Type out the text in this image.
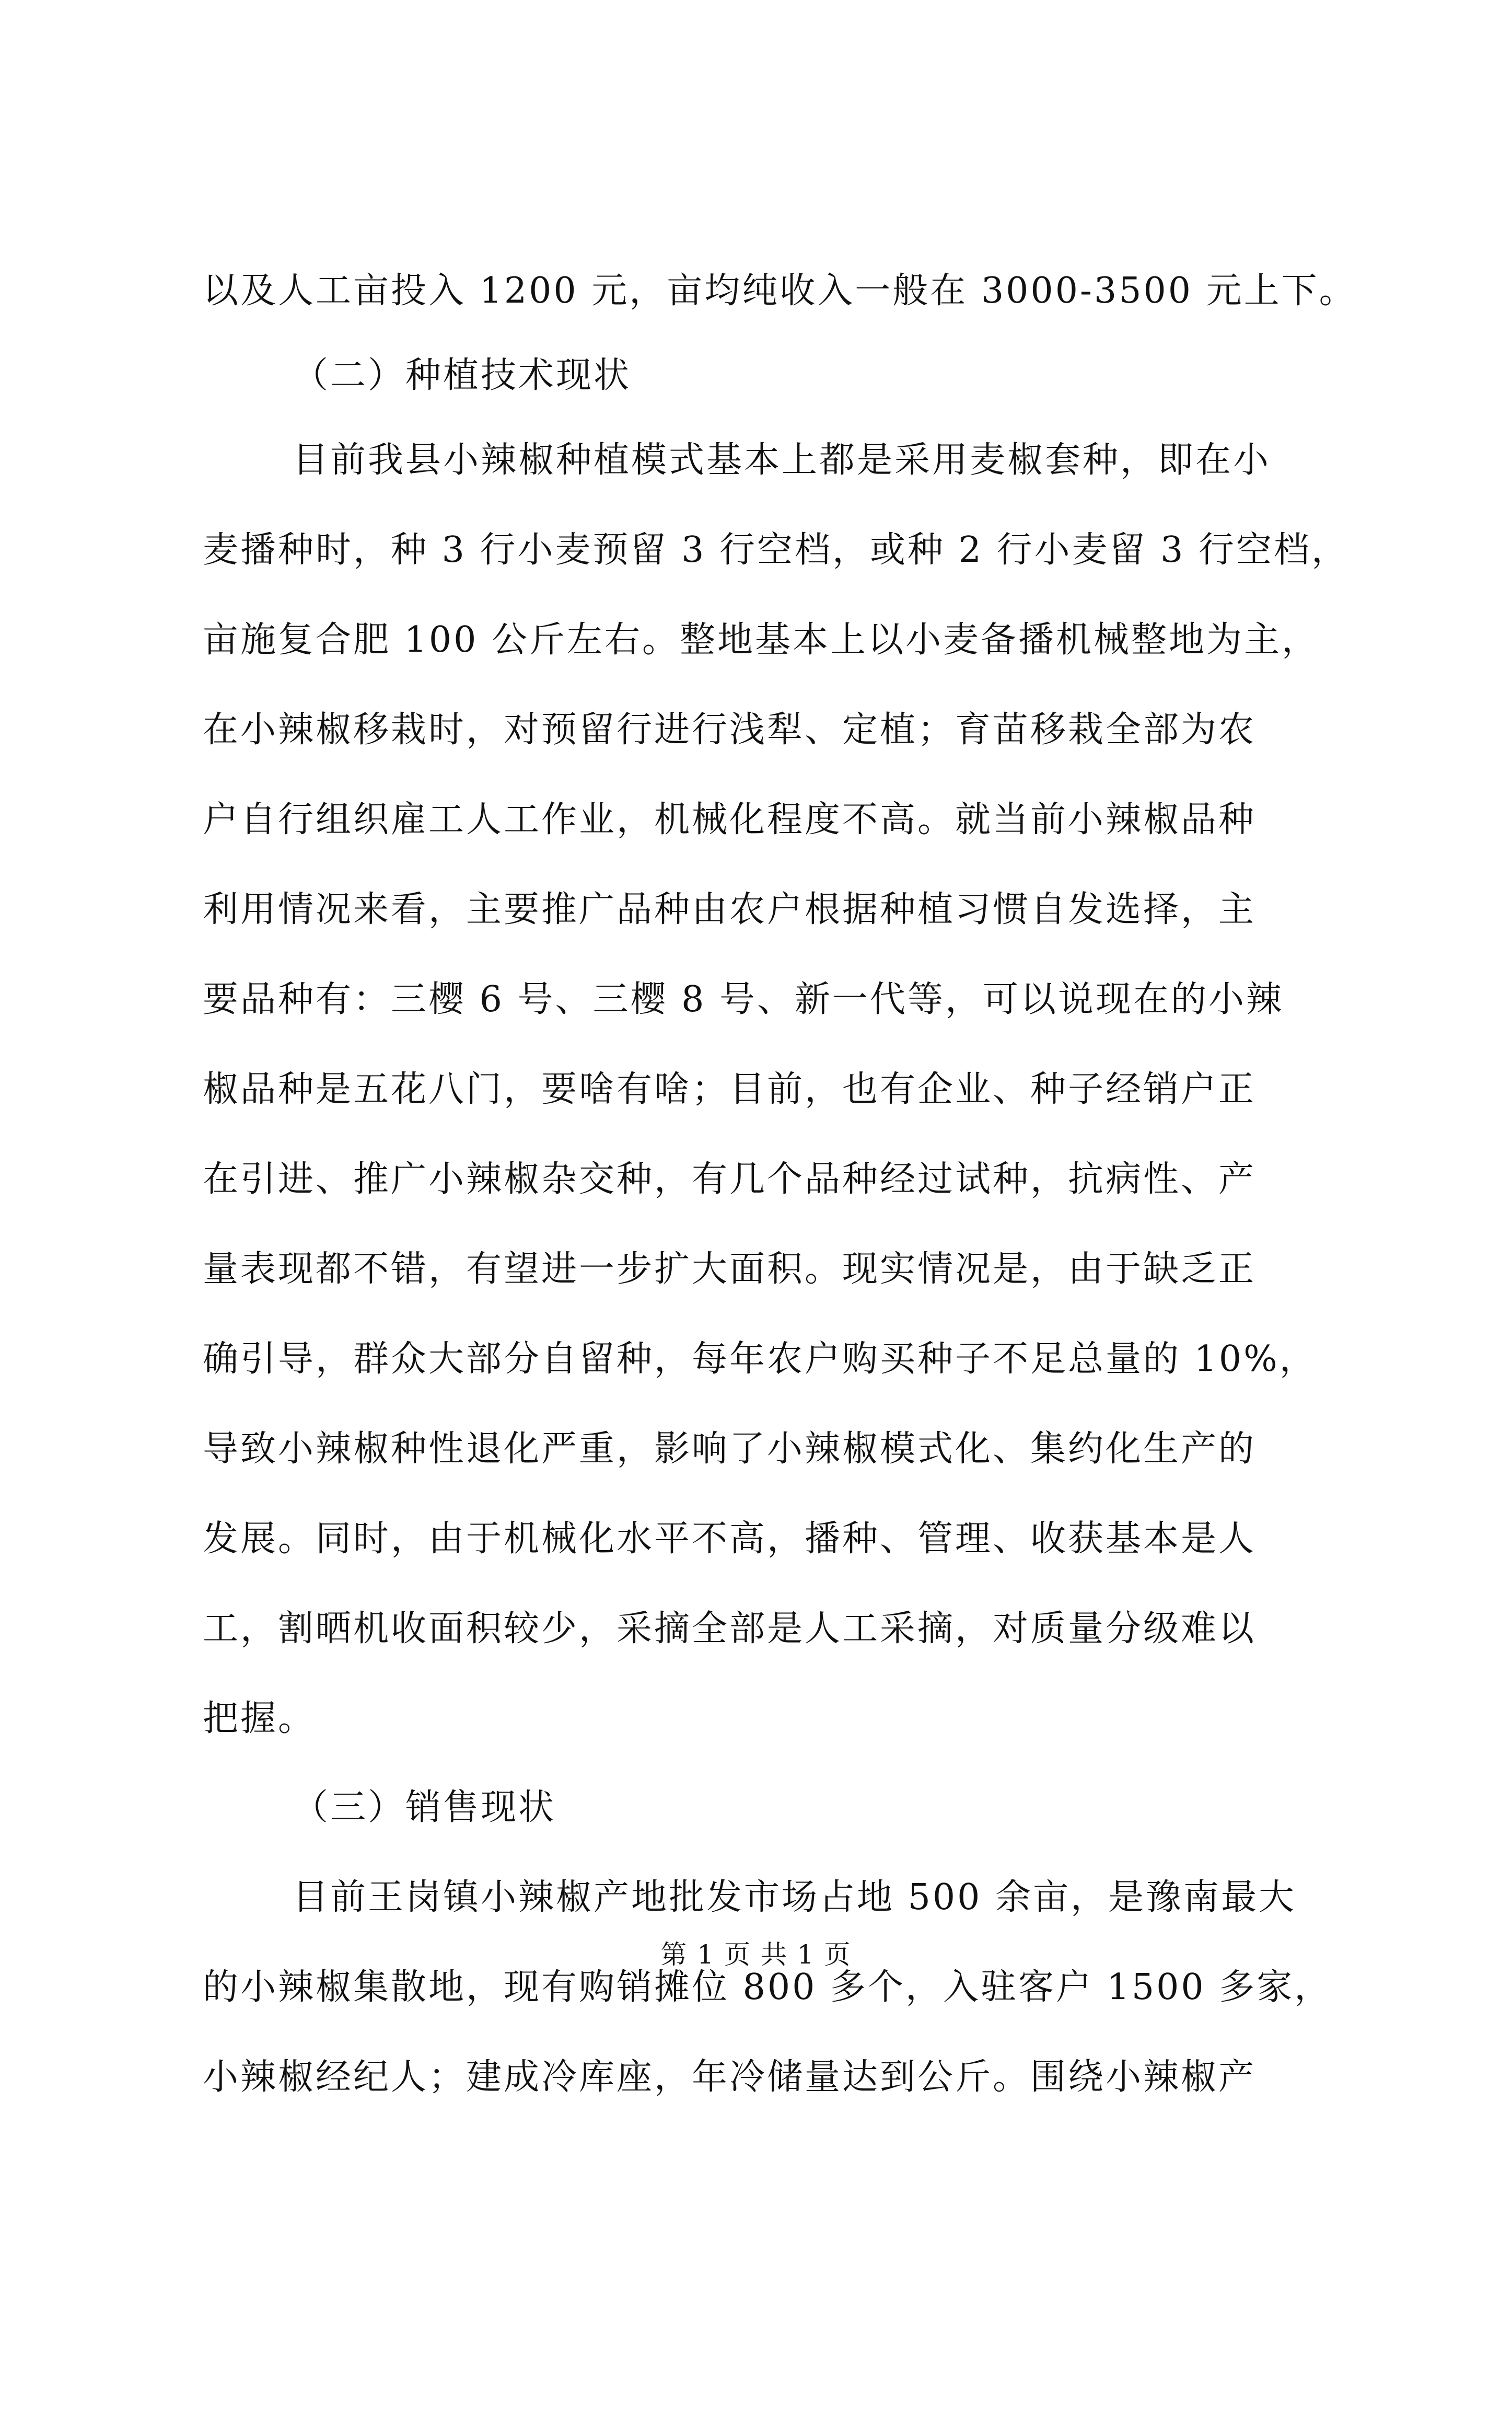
以及人工亩投入 1200 元，亩均纯收入一般在 3000-3500 元上下。
（二）种植技术现状
目前我县小辣椒种植模式基本上都是采用麦椒套种，即在小
麦播种时，种 3 行小麦预留 3 行空档，或种 2 行小麦留 3 行空档，
亩施复合肥 100 公斤左右。整地基本上以小麦备播机械整地为主，
在小辣椒移栽时，对预留行进行浅犁、定植；育苗移栽全部为农
户自行组织雇工人工作业，机械化程度不高。就当前小辣椒品种
利用情况来看，主要推广品种由农户根据种植习惯自发选择，主
要品种有：三樱 6 号、三樱 8 号、新一代等，可以说现在的小辣
椒品种是五花八门，要啥有啥；目前，也有企业、种子经销户正
在引进、推广小辣椒杂交种，有几个品种经过试种，抗病性、产
量表现都不错，有望进一步扩大面积。现实情况是，由于缺乏正
确引导，群众大部分自留种，每年农户购买种子不足总量的 10%，
导致小辣椒种性退化严重，影响了小辣椒模式化、集约化生产的
发展。同时，由于机械化水平不高，播种、管理、收获基本是人
工，割晒机收面积较少，采摘全部是人工采摘，对质量分级难以
把握。
（三）销售现状
目前王岗镇小辣椒产地批发市场占地 500 余亩，是豫南最大
的小辣椒集散地，现有购销摊位 800 多个，入驻客户 1500 多家，
小辣椒经纪人；建成冷库座，年冷储量达到公斤。围绕小辣椒产
第 1 页 共 1 页
